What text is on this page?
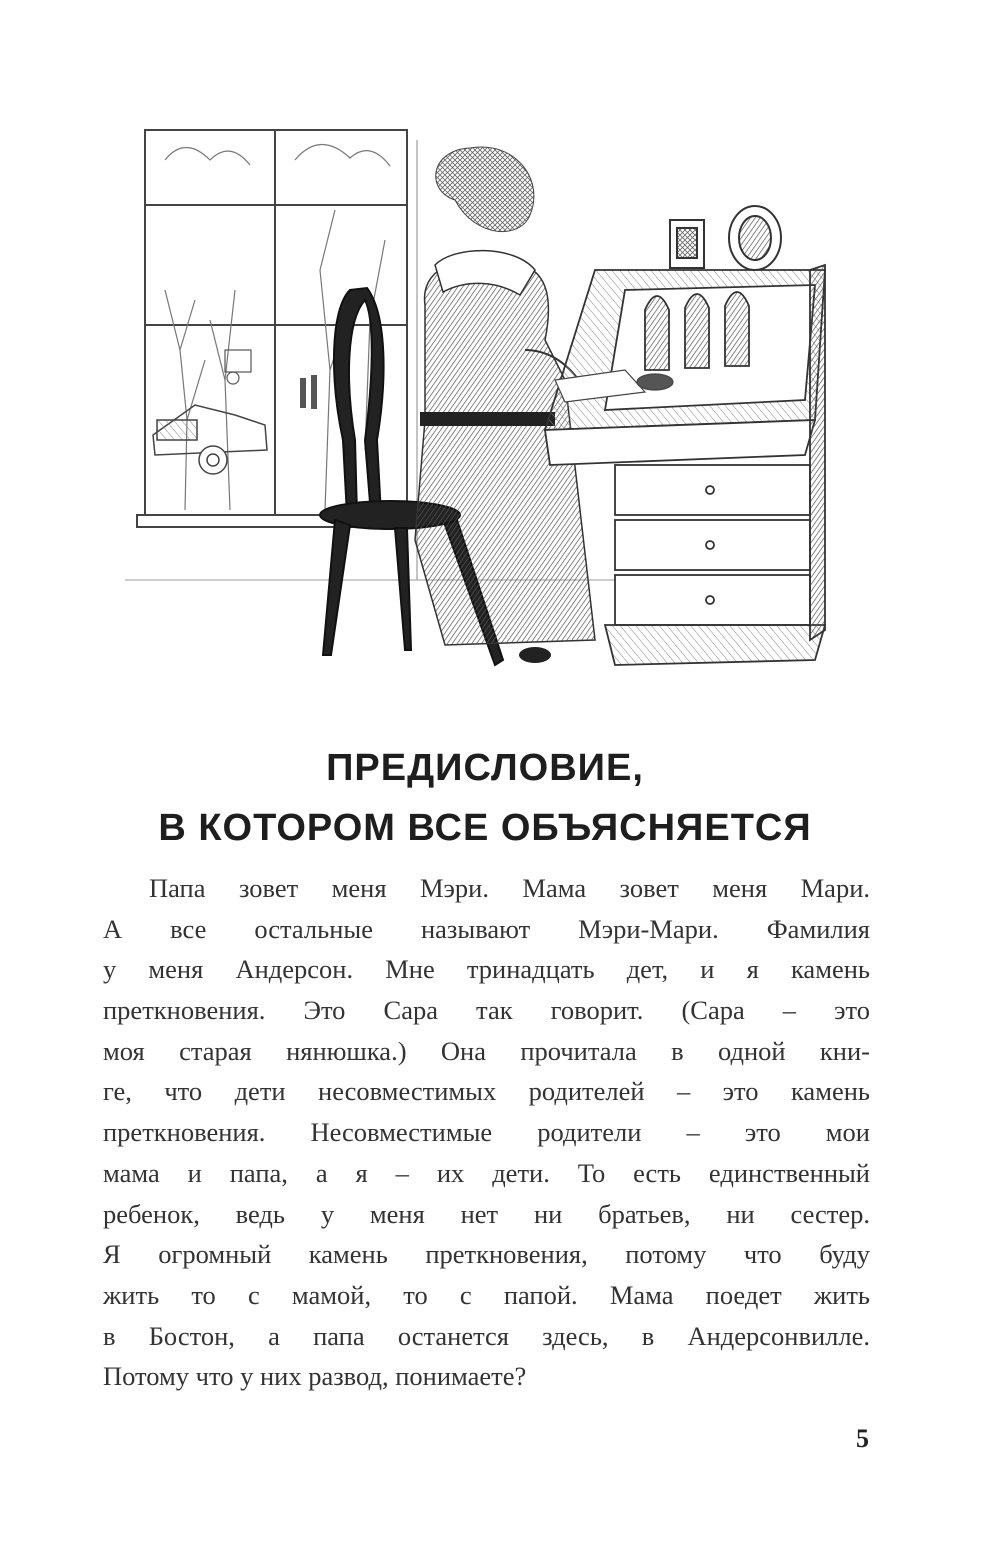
ПРЕДИСЛОВИЕ,
В КОТОРОМ ВСЕ ОБЪЯСНЯЕТСЯ
Папа зовет меня Мэри. Мама зовет меня Мари.
А все остальные называют Мэри-Мари. Фамилия
у меня Андерсон. Мне тринадцать дет, и я камень
преткновения. Это Сара так говорит. (Сара – это
моя старая нянюшка.) Она прочитала в одной кни-
ге, что дети несовместимых родителей – это камень
преткновения. Несовместимые родители – это мои
мама и папа, а я – их дети. То есть единственный
ребенок, ведь у меня нет ни братьев, ни сестер.
Я огромный камень преткновения, потому что буду
жить то с мамой, то с папой. Мама поедет жить
в Бостон, а папа останется здесь, в Андерсонвилле.
Потому что у них развод, понимаете?
5
